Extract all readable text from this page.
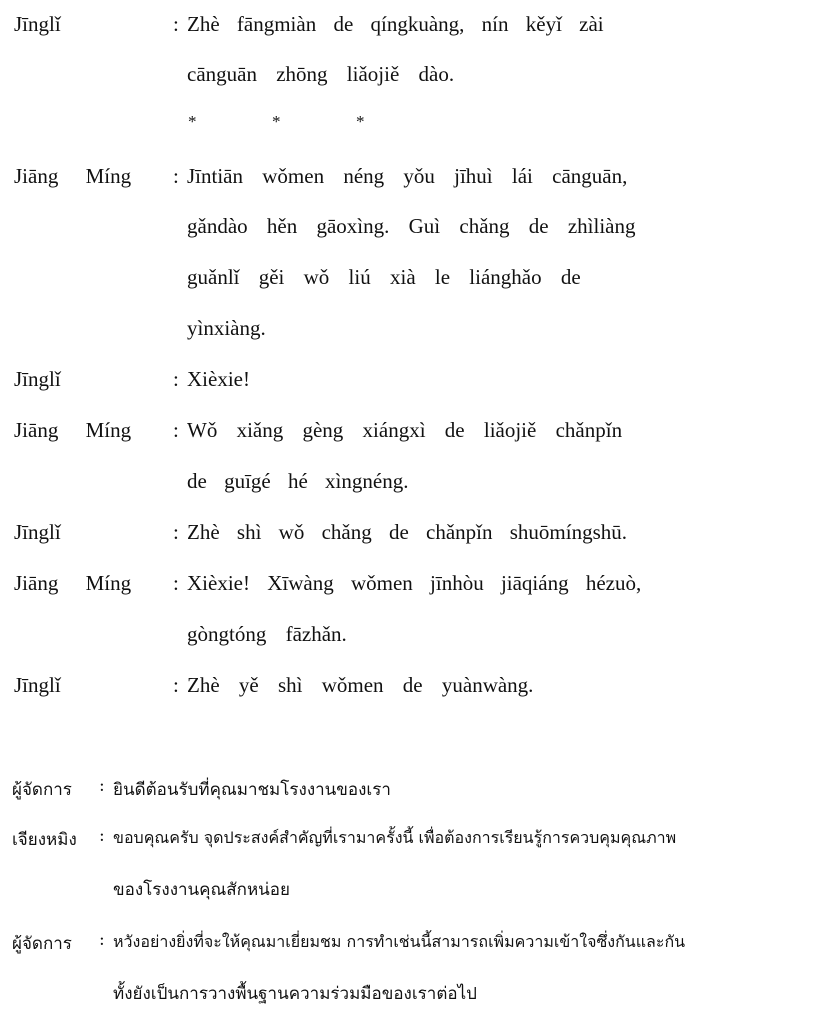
Jīnglǐ	: Zhè fāngmiàn de qíngkuàng, nín kěyǐ zài
cānguān zhōng liǎojiě dào.
*	*	*
Jiāng Míng : Jīntiān wǒmen néng yǒu jīhuì lái cānguān,
gǎndào hěn gāoxìng. Guì chǎng de zhìliàng
guǎnlǐ gěi wǒ liú xià le liánghǎo de
yìnxiàng.
Jīnglǐ	: Xièxie!
Jiāng Míng : Wǒ xiǎng gèng xiángxì de liǎojiě chǎnpǐn
de guīgé hé xìngnéng.
Jīnglǐ	: Zhè shì wǒ chǎng de chǎnpǐn shuōmíngshū.
Jiāng Míng : Xièxie! Xīwàng wǒmen jīnhòu jiāqiáng hézuò,
gòngtóng fāzhǎn.
Jīnglǐ	: Zhè yě shì wǒmen de yuànwàng.
ผู้จัดการ : ยินดีต้อนรับที่คุณมาชมโรงงานของเรา
เจียงหมิง : ขอบคุณครับ จุดประสงค์สำคัญที่เรามาครั้งนี้ เพื่อต้องการเรียนรู้การควบคุมคุณภาพ
ของโรงงานคุณสักหน่อย
ผู้จัดการ : หวังอย่างยิ่งที่จะให้คุณมาเยี่ยมชม การทำเช่นนี้สามารถเพิ่มความเข้าใจซึ่งกันและกัน
ทั้งยังเป็นการวางพื้นฐานความร่วมมือของเราต่อไป
